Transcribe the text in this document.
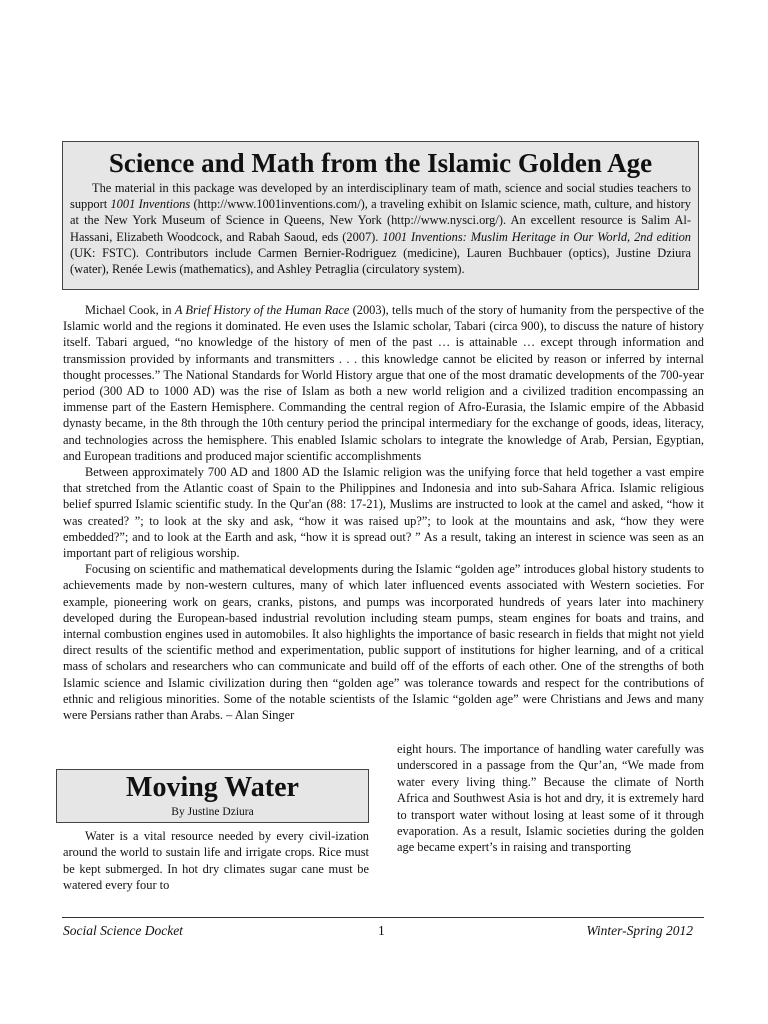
Science and Math from the Islamic Golden Age

The material in this package was developed by an interdisciplinary team of math, science and social studies teachers to support 1001 Inventions (http://www.1001inventions.com/), a traveling exhibit on Islamic science, math, culture, and history at the New York Museum of Science in Queens, New York (http://www.nysci.org/). An excellent resource is Salim Al-Hassani, Elizabeth Woodcock, and Rabah Saoud, eds (2007). 1001 Inventions: Muslim Heritage in Our World, 2nd edition (UK: FSTC). Contributors include Carmen Bernier-Rodriguez (medicine), Lauren Buchbauer (optics), Justine Dziura (water), Renée Lewis (mathematics), and Ashley Petraglia (circulatory system).

Michael Cook, in A Brief History of the Human Race (2003), tells much of the story of humanity from the perspective of the Islamic world and the regions it dominated. He even uses the Islamic scholar, Tabari (circa 900), to discuss the nature of history itself. Tabari argued, “no knowledge of the history of men of the past … is attainable … except through information and transmission provided by informants and transmitters . . . this knowledge cannot be elicited by reason or inferred by internal thought processes.” The National Standards for World History argue that one of the most dramatic developments of the 700-year period (300 AD to 1000 AD) was the rise of Islam as both a new world religion and a civilized tradition encompassing an immense part of the Eastern Hemisphere. Commanding the central region of Afro-Eurasia, the Islamic empire of the Abbasid dynasty became, in the 8th through the 10th century period the principal intermediary for the exchange of goods, ideas, literacy, and technologies across the hemisphere. This enabled Islamic scholars to integrate the knowledge of Arab, Persian, Egyptian, and European traditions and produced major scientific accomplishments

Between approximately 700 AD and 1800 AD the Islamic religion was the unifying force that held together a vast empire that stretched from the Atlantic coast of Spain to the Philippines and Indonesia and into sub-Sahara Africa. Islamic religious belief spurred Islamic scientific study. In the Qur'an (88: 17-21), Muslims are instructed to look at the camel and asked, “how it was created? ”; to look at the sky and ask, “how it was raised up?”; to look at the mountains and ask, “how they were embedded?”; and to look at the Earth and ask, “how it is spread out? ” As a result, taking an interest in science was seen as an important part of religious worship.

Focusing on scientific and mathematical developments during the Islamic “golden age” introduces global history students to achievements made by non-western cultures, many of which later influenced events associated with Western societies. For example, pioneering work on gears, cranks, pistons, and pumps was incorporated hundreds of years later into machinery developed during the European-based industrial revolution including steam pumps, steam engines for boats and trains, and internal combustion engines used in automobiles. It also highlights the importance of basic research in fields that might not yield direct results of the scientific method and experimentation, public support of institutions for higher learning, and of a critical mass of scholars and researchers who can communicate and build off of the efforts of each other. One of the strengths of both Islamic science and Islamic civilization during then “golden age” was tolerance towards and respect for the contributions of ethnic and religious minorities. Some of the notable scientists of the Islamic “golden age” were Christians and Jews and many were Persians rather than Arabs. – Alan Singer

Moving Water
By Justine Dziura

Water is a vital resource needed by every civil-ization around the world to sustain life and irrigate crops. Rice must be kept submerged. In hot dry climates sugar cane must be watered every four to

eight hours. The importance of handling water carefully was underscored in a passage from the Qur’an, “We made from water every living thing.” Because the climate of North Africa and Southwest Asia is hot and dry, it is extremely hard to transport water without losing at least some of it through evaporation. As a result, Islamic societies during the golden age became expert’s in raising and transporting

Social Science Docket	1	Winter-Spring 2012
